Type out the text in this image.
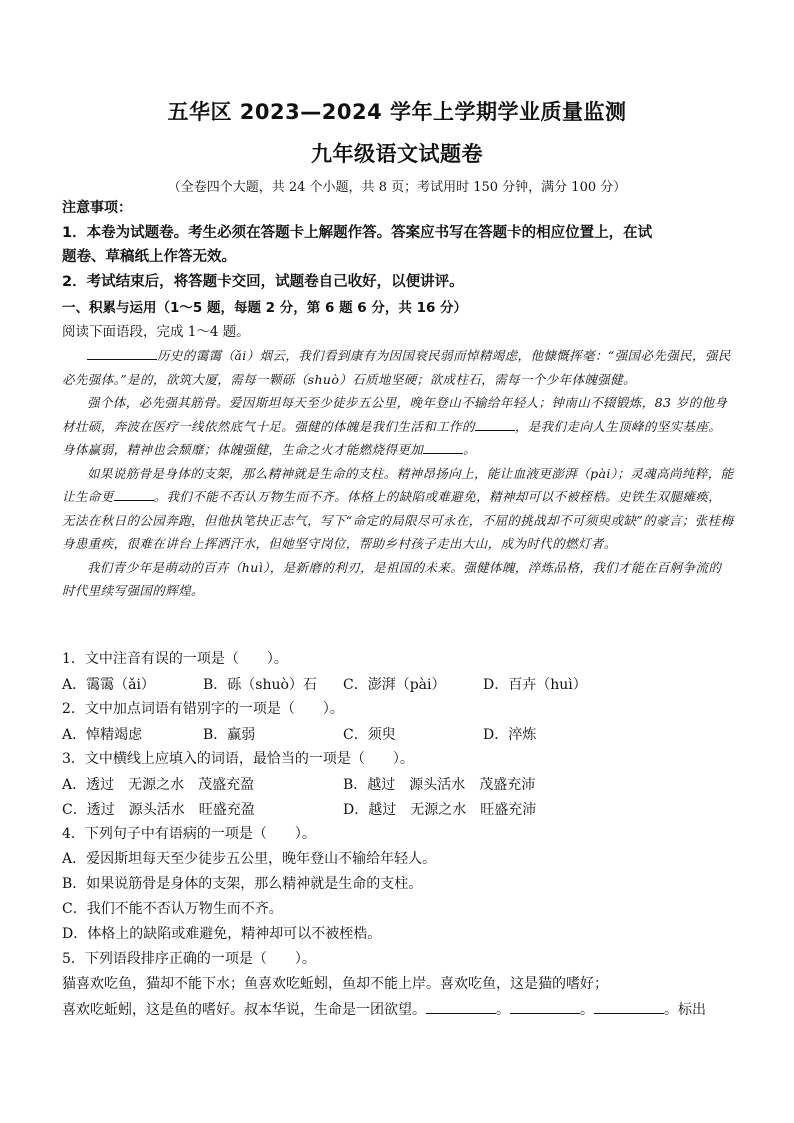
五华区 2023—2024 学年上学期学业质量监测
九年级语文试题卷
（全卷四个大题，共 24 个小题，共 8 页；考试用时 150 分钟，满分 100 分）
注意事项：
1．本卷为试题卷。考生必须在答题卡上解题作答。答案应书写在答题卡的相应位置上，在试
题卷、草稿纸上作答无效。
2．考试结束后，将答题卡交回，试题卷自己收好，以便讲评。
一、积累与运用（1～5 题，每题 2 分，第 6 题 6 分，共 16 分）
阅读下面语段，完成 1～4 题。

历史的霭霭（ǎi）烟云，我们看到康有为因国衰民弱而悼精竭虑，他慷慨挥毫：“强国必先强民，强民必先强体。”是的，欲筑大厦，需每一颗砾（shuò）石质地坚硬；欲成柱石，需每一个少年体魄强健。

强个体，必先强其筋骨。爱因斯坦每天至少徒步五公里，晚年登山不输给年轻人；钟南山不辍锻炼，83 岁的他身材壮硕，奔波在医疗一线依然底气十足。强健的体魄是我们生活和工作的	，是我们走向人生顶峰的坚实基座。身体赢弱，精神也会颓靡；体魄强健，生命之火才能燃烧得更加	。

如果说筋骨是身体的支架，那么精神就是生命的支柱。精神昂扬向上，能让血液更澎湃（pài）；灵魂高尚纯粹，能让生命更	。我们不能不否认万物生而不齐。体格上的缺陷或难避免，精神却可以不被桎梏。史铁生双腿瘫痪，无法在秋日的公园奔跑，但他执笔抉正志气，写下“命定的局限尽可永在，不屈的挑战却不可须臾或缺”的豪言；张桂梅身患重疾，很难在讲台上挥洒汗水，但她坚守岗位，帮助乡村孩子走出大山，成为时代的燃灯者。

我们青少年是萌动的百卉（huì），是新磨的利刃，是祖国的未来。强健体魄，淬炼品格，我们才能在百舸争流的时代里续写强国的辉煌。

1．文中注音有误的一项是（　　）。
A．霭霭（ǎi）	B．砾（shuò）石 C．澎湃（pài）	D．百卉（huì）
2．文中加点词语有错别字的一项是（　　）。
A．悼精竭虑	B．赢弱	C．须臾	D．淬炼
3．文中横线上应填入的词语，最恰当的一项是（　　）。
A．透过　无源之水　茂盛充盈	B．越过　源头活水　茂盛充沛
C．透过　源头活水　旺盛充盈	D．越过　无源之水　旺盛充沛
4．下列句子中有语病的一项是（　　）。
A．爱因斯坦每天至少徒步五公里，晚年登山不输给年轻人。
B．如果说筋骨是身体的支架，那么精神就是生命的支柱。
C．我们不能不否认万物生而不齐。
D．体格上的缺陷或难避免，精神却可以不被桎梏。
5．下列语段排序正确的一项是（　　）。
猫喜欢吃鱼，猫却不能下水；鱼喜欢吃蚯蚓，鱼却不能上岸。喜欢吃鱼，这是猫的嗜好；
喜欢吃蚯蚓，这是鱼的嗜好。叔本华说，生命是一团欲望。	。	。	。标出
